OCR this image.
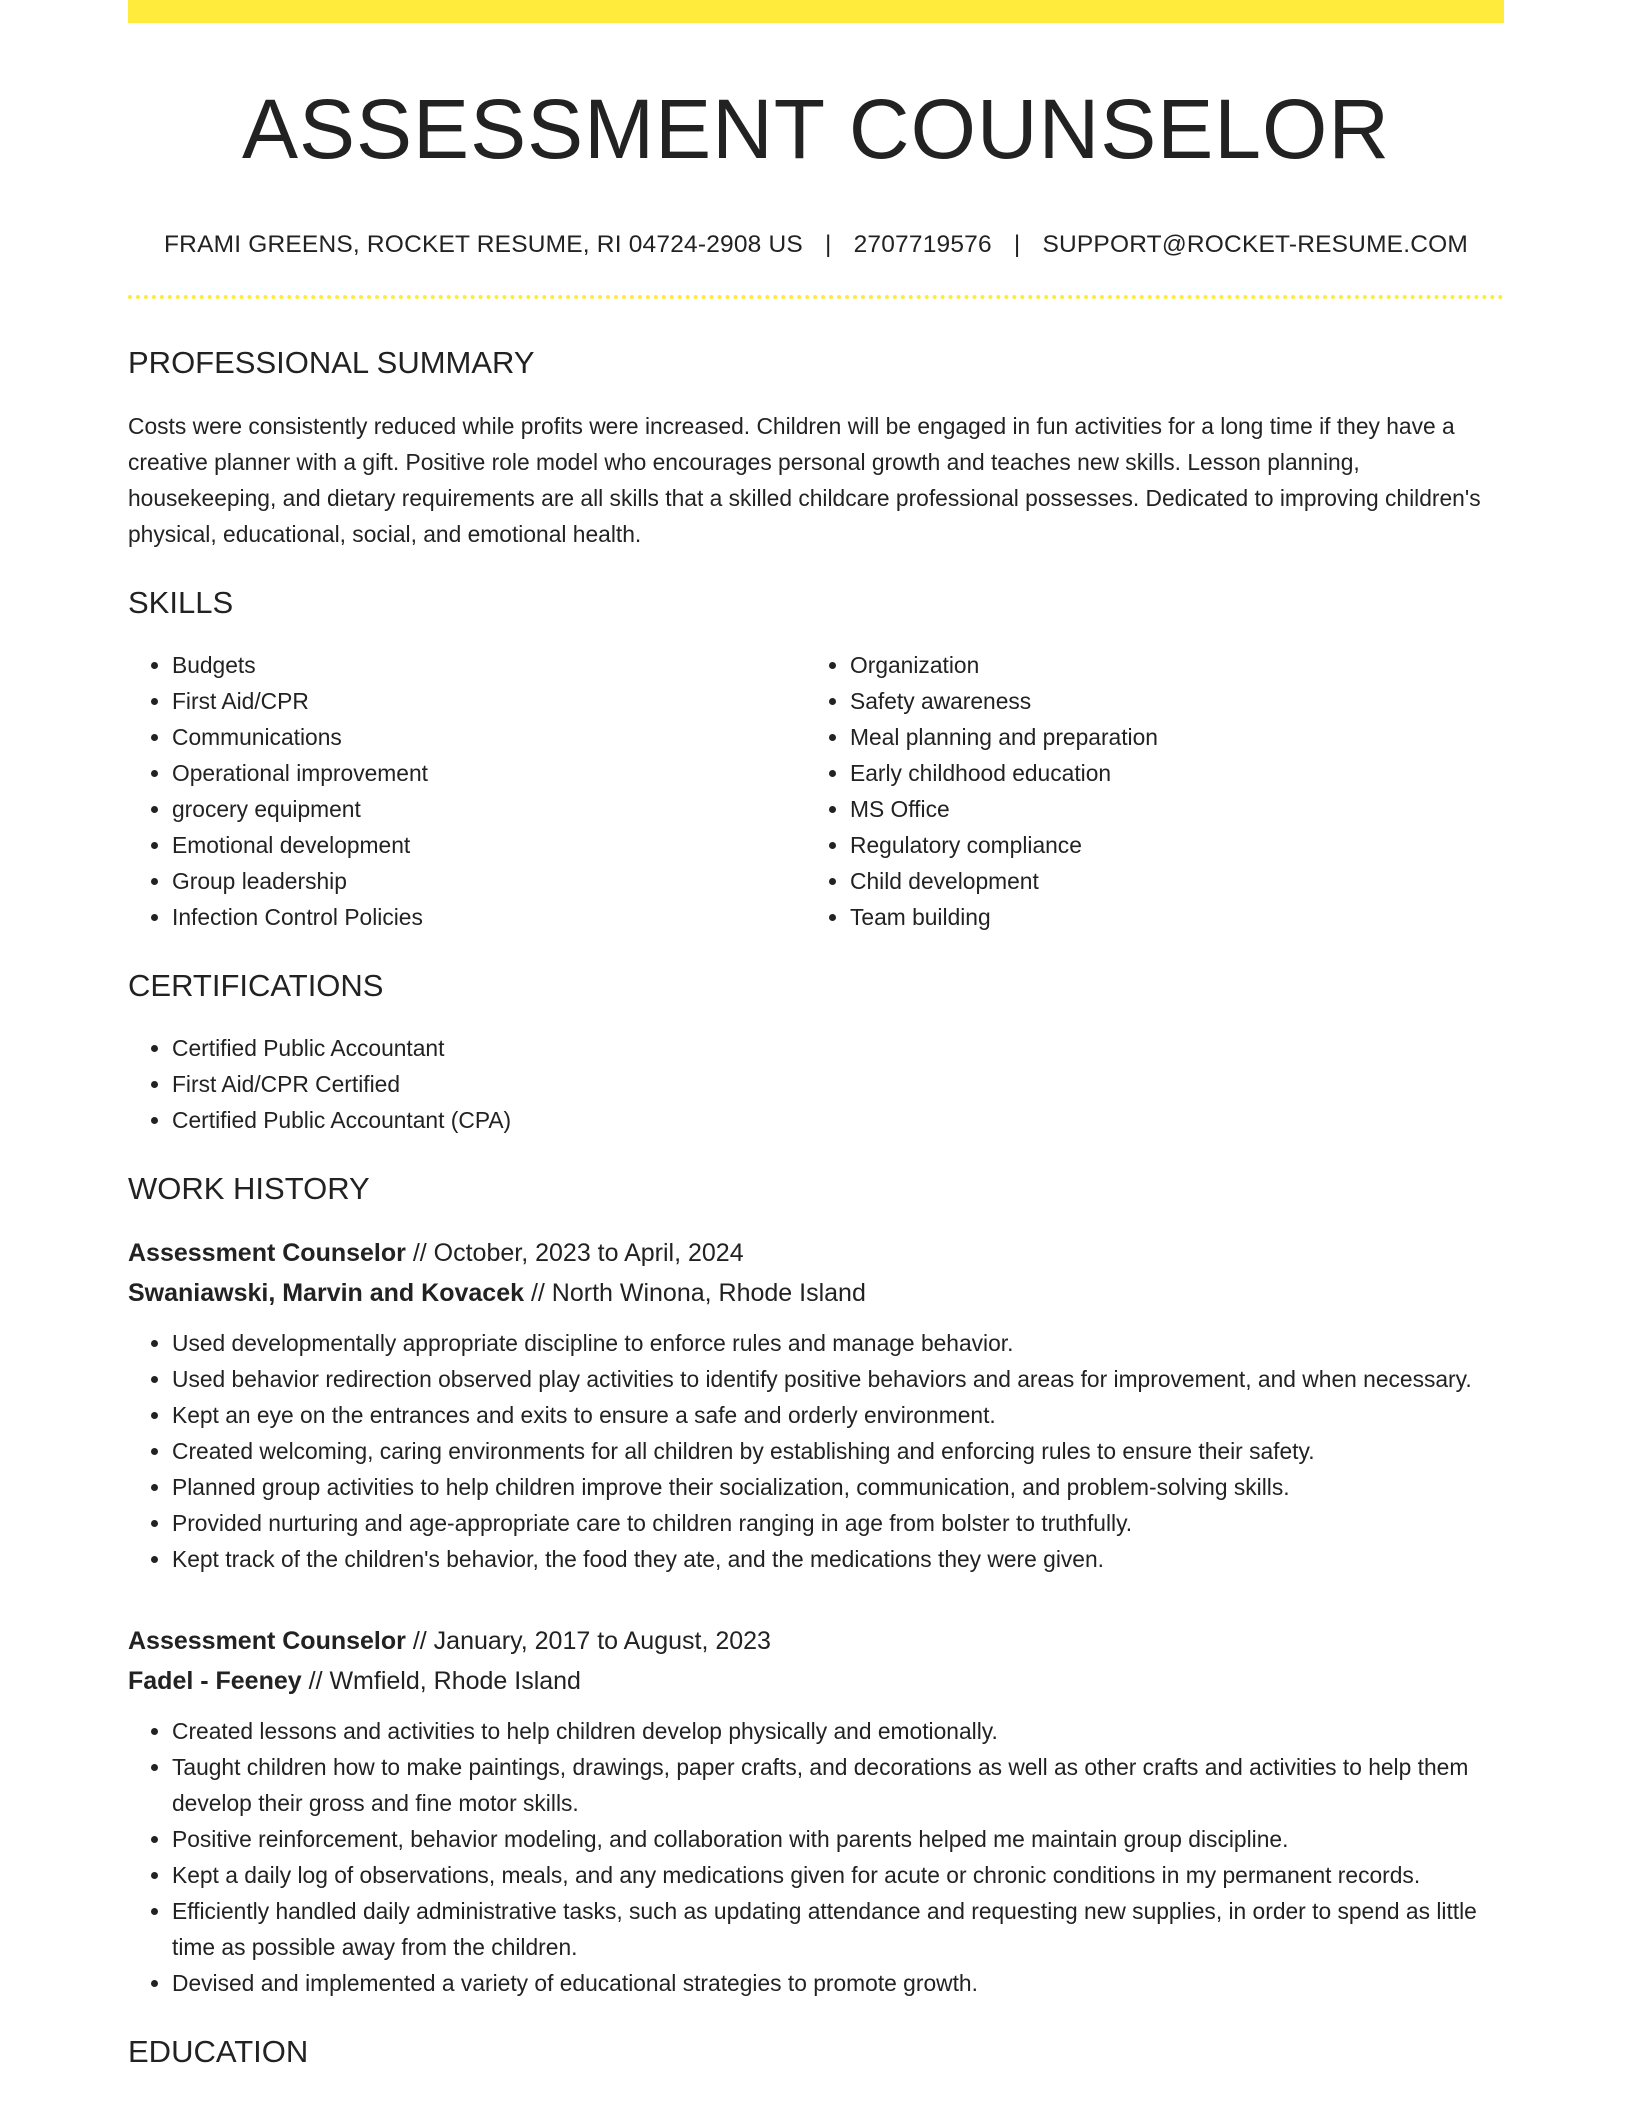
ASSESSMENT COUNSELOR
FRAMI GREENS, ROCKET RESUME, RI 04724-2908 US | 2707719576 | SUPPORT@ROCKET-RESUME.COM
PROFESSIONAL SUMMARY

Costs were consistently reduced while profits were increased. Children will be engaged in fun activities for a long time if they have a creative planner with a gift. Positive role model who encourages personal growth and teaches new skills. Lesson planning, housekeeping, and dietary requirements are all skills that a skilled childcare professional possesses. Dedicated to improving children's physical, educational, social, and emotional health.

SKILLS
• Budgets
• First Aid/CPR
• Communications
• Operational improvement
• grocery equipment
• Emotional development
• Group leadership
• Infection Control Policies
• Organization
• Safety awareness
• Meal planning and preparation
• Early childhood education
• MS Office
• Regulatory compliance
• Child development
• Team building
CERTIFICATIONS
• Certified Public Accountant
• First Aid/CPR Certified
• Certified Public Accountant (CPA)
WORK HISTORY
Assessment Counselor // October, 2023 to April, 2024
Swaniawski, Marvin and Kovacek // North Winona, Rhode Island
• Used developmentally appropriate discipline to enforce rules and manage behavior.
• Used behavior redirection observed play activities to identify positive behaviors and areas for improvement, and when necessary.
• Kept an eye on the entrances and exits to ensure a safe and orderly environment.
• Created welcoming, caring environments for all children by establishing and enforcing rules to ensure their safety.
• Planned group activities to help children improve their socialization, communication, and problem-solving skills.
• Provided nurturing and age-appropriate care to children ranging in age from bolster to truthfully.
• Kept track of the children's behavior, the food they ate, and the medications they were given.
Assessment Counselor // January, 2017 to August, 2023
Fadel - Feeney // Wmfield, Rhode Island
• Created lessons and activities to help children develop physically and emotionally.
• Taught children how to make paintings, drawings, paper crafts, and decorations as well as other crafts and activities to help them develop their gross and fine motor skills.
• Positive reinforcement, behavior modeling, and collaboration with parents helped me maintain group discipline.
• Kept a daily log of observations, meals, and any medications given for acute or chronic conditions in my permanent records.
• Efficiently handled daily administrative tasks, such as updating attendance and requesting new supplies, in order to spend as little time as possible away from the children.
• Devised and implemented a variety of educational strategies to promote growth.
EDUCATION
